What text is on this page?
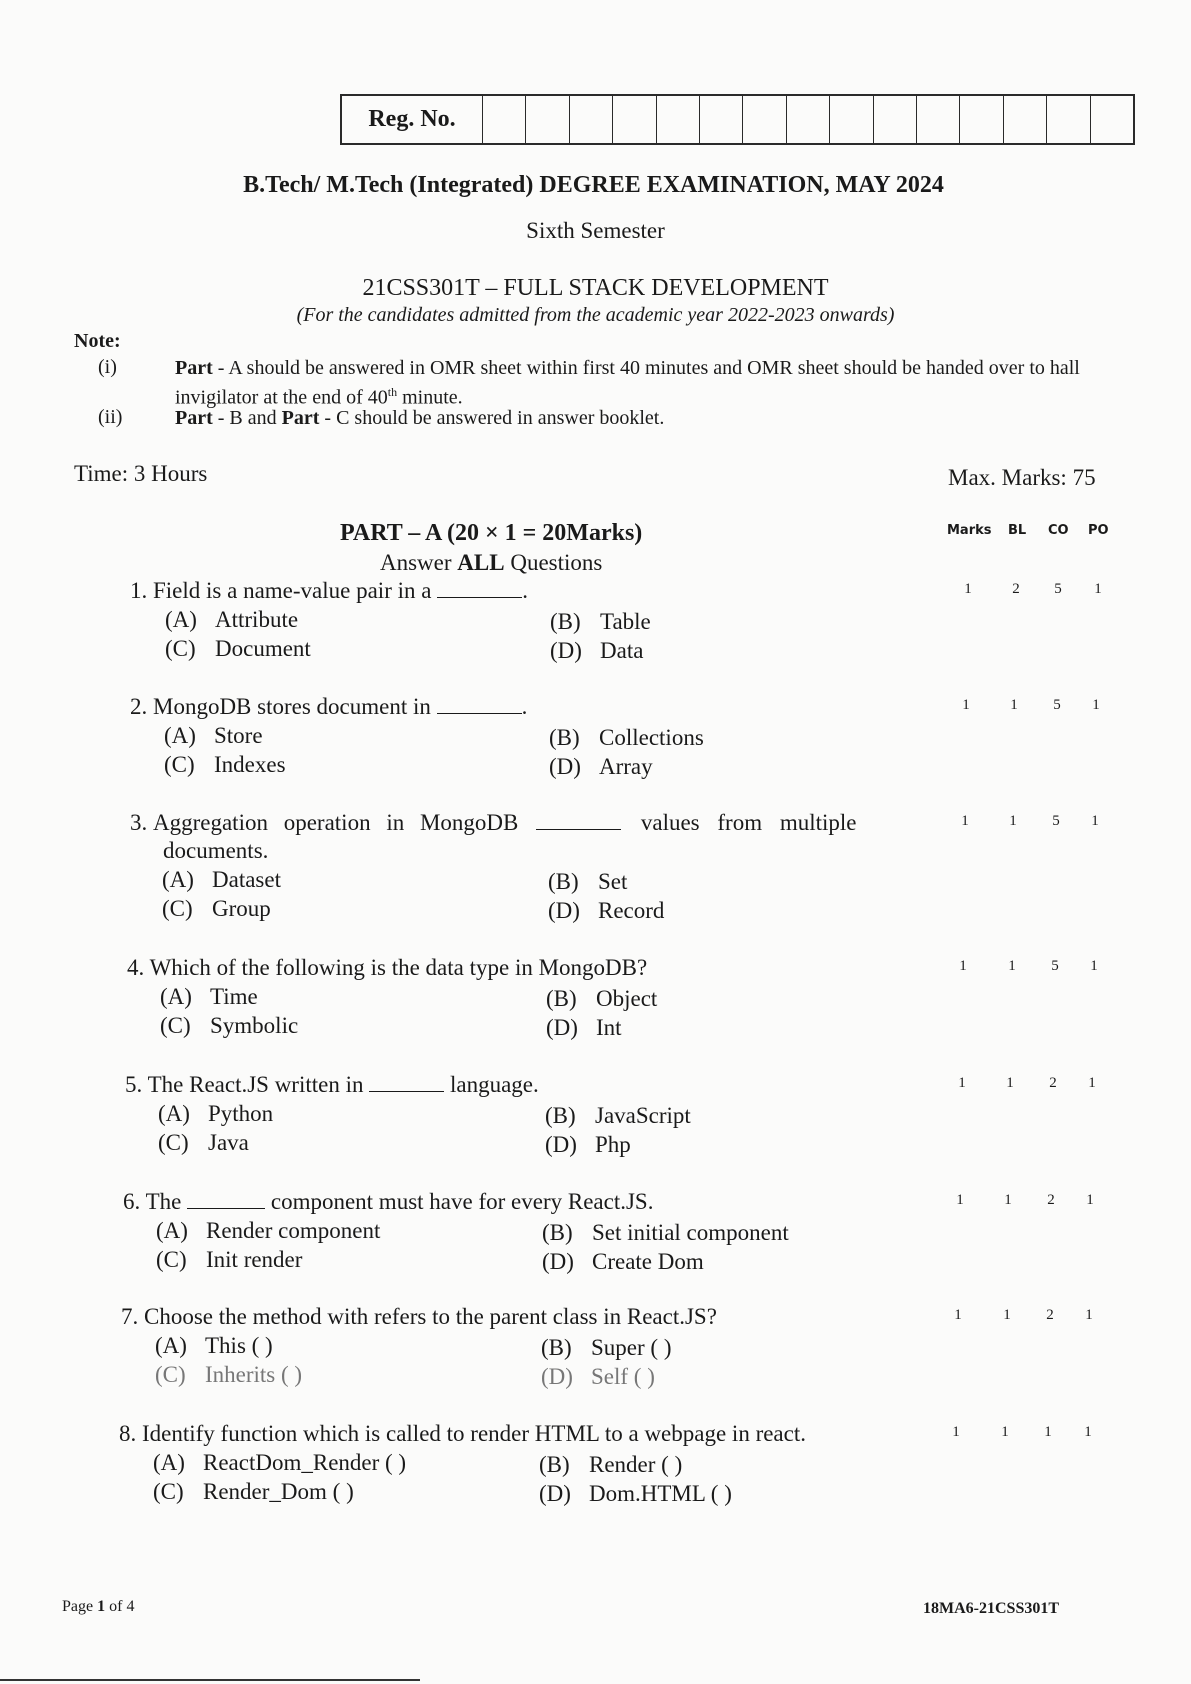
Reg. No.
B.Tech/ M.Tech (Integrated) DEGREE EXAMINATION, MAY 2024
Sixth Semester
21CSS301T – FULL STACK DEVELOPMENT
(For the candidates admitted from the academic year 2022-2023 onwards)
Note:
(i)	Part - A should be answered in OMR sheet within first 40 minutes and OMR sheet should be handed over to hall invigilator at the end of 40th minute.
(ii)	Part - B and Part - C should be answered in answer booklet.
Time: 3 Hours	Max. Marks: 75
PART – A (20 × 1 = 20Marks)
Answer ALL Questions
Marks BL CO PO
1. Field is a name-value pair in a	.
(A) Attribute	(B) Table
(C) Document	(D) Data
1	2	5	1
2. MongoDB stores document in	.
(A) Store	(B) Collections
(C) Indexes	(D) Array
1	1	5	1
3. Aggregation operation in MongoDB	values from multiple
documents.
(A) Dataset	(B) Set
(C) Group	(D) Record
1	1	5	1
4. Which of the following is the data type in MongoDB?
(A) Time	(B) Object
(C) Symbolic	(D) Int
1	1	5	1
5. The React.JS written in	language.
(A) Python	(B) JavaScript
(C) Java	(D) Php
1	1	2	1
6. The	component must have for every React.JS.
(A) Render component	(B) Set initial component
(C) Init render	(D) Create Dom
1	1	2	1
7. Choose the method with refers to the parent class in React.JS?
(A) This ( )	(B) Super ( )
(C) Inherits ( )	(D) Self ( )
1	1	2	1
8. Identify function which is called to render HTML to a webpage in react.
(A) ReactDom_Render ( )	(B) Render ( )
(C) Render_Dom ( )	(D) Dom.HTML ( )
1	1	1	1
Page 1 of 4	18MA6-21CSS301T
